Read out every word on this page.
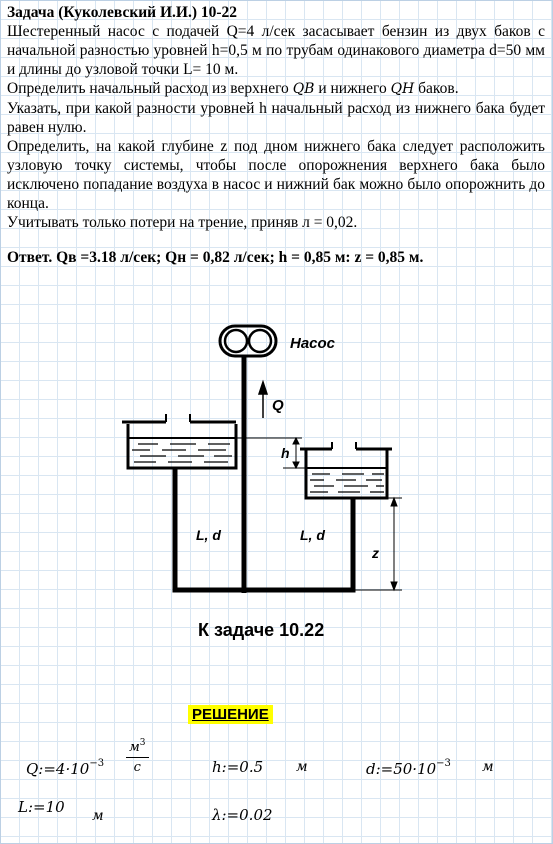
Задача (Куколевский И.И.) 10-22

Шестеренный насос с подачей Q=4 л/сек засасывает бензин из двух баков с начальной разностью уровней h=0,5 м по трубам одинакового диаметра d=50 мм и длины до узловой точки L= 10 м.

Определить начальный расход из верхнего QB и нижнего QH баков.

Указать, при какой разности уровней h начальный расход из нижнего бака будет равен нулю.

Определить, на какой глубине z под дном нижнего бака следует расположить узловую точку системы, чтобы после опорожнения верхнего бака было исключено попадание воздуха в насос и нижний бак можно было опорожнить до конца.

Учитывать только потери на трение, приняв л = 0,02.

Ответ. Qв =3.18 л/сек; Qн = 0,82 л/сек; h = 0,85 м: z = 0,85 м.

Насос
Q
h
L, d	L, d
z
К задаче 10.22
РЕШЕНИЕ
$Q:=4\cdot 10^{-3}$
$м^3$
с	h:=0.5 м	$d:=50\cdot 10^{-3}$ м
L:=10 м	λ:=0.02
